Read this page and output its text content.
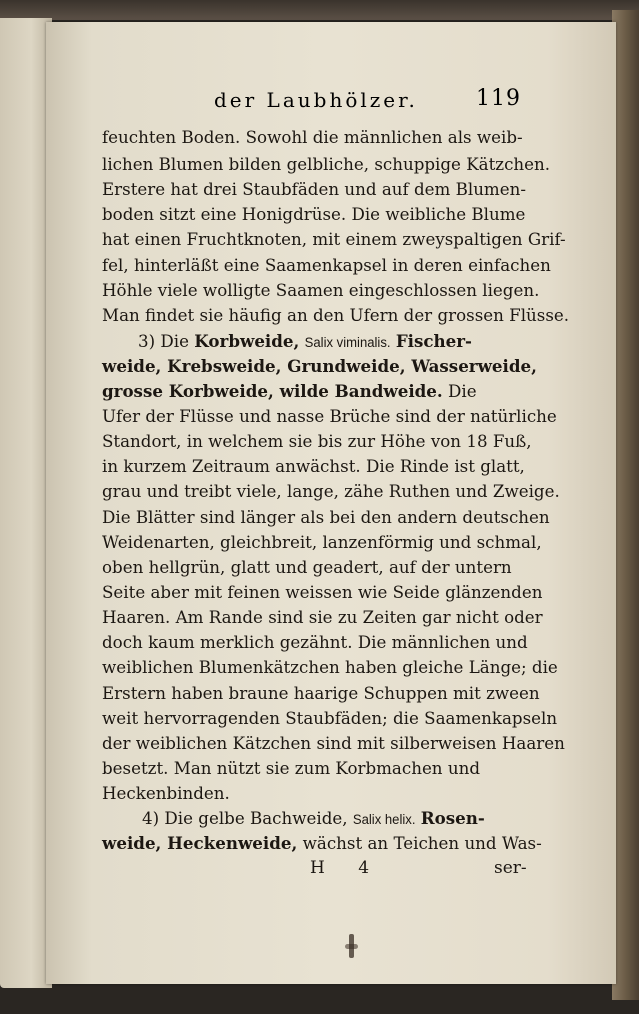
der Laubhölzer.	119
feuchten Boden. Sowohl die männlichen als weib-
lichen Blumen bilden gelbliche, schuppige Kätzchen.
Erstere hat drei Staubfäden und auf dem Blumen-
boden sitzt eine Honigdrüse. Die weibliche Blume
hat einen Fruchtknoten, mit einem zweyspaltigen Grif-
fel, hinterläßt eine Saamenkapsel in deren einfachen
Höhle viele wolligte Saamen eingeschlossen liegen.
Man findet sie häufig an den Ufern der grossen Flüsse.
3) Die Korbweide, Salix viminalis. Fischer-
weide, Krebsweide, Grundweide, Wasserweide,
grosse Korbweide, wilde Bandweide. Die
Ufer der Flüsse und nasse Brüche sind der natürliche
Standort, in welchem sie bis zur Höhe von 18 Fuß,
in kurzem Zeitraum anwächst. Die Rinde ist glatt,
grau und treibt viele, lange, zähe Ruthen und Zweige.
Die Blätter sind länger als bei den andern deutschen
Weidenarten, gleichbreit, lanzenförmig und schmal,
oben hellgrün, glatt und geadert, auf der untern
Seite aber mit feinen weissen wie Seide glänzenden
Haaren. Am Rande sind sie zu Zeiten gar nicht oder
doch kaum merklich gezähnt. Die männlichen und
weiblichen Blumenkätzchen haben gleiche Länge; die
Erstern haben braune haarige Schuppen mit zween
weit hervorragenden Staubfäden; die Saamenkapseln
der weiblichen Kätzchen sind mit silberweisen Haaren
besetzt. Man nützt sie zum Korbmachen und
Heckenbinden.
4) Die gelbe Bachweide, Salix helix. Rosen-
weide, Heckenweide, wächst an Teichen und Was-
H 4	ser-
